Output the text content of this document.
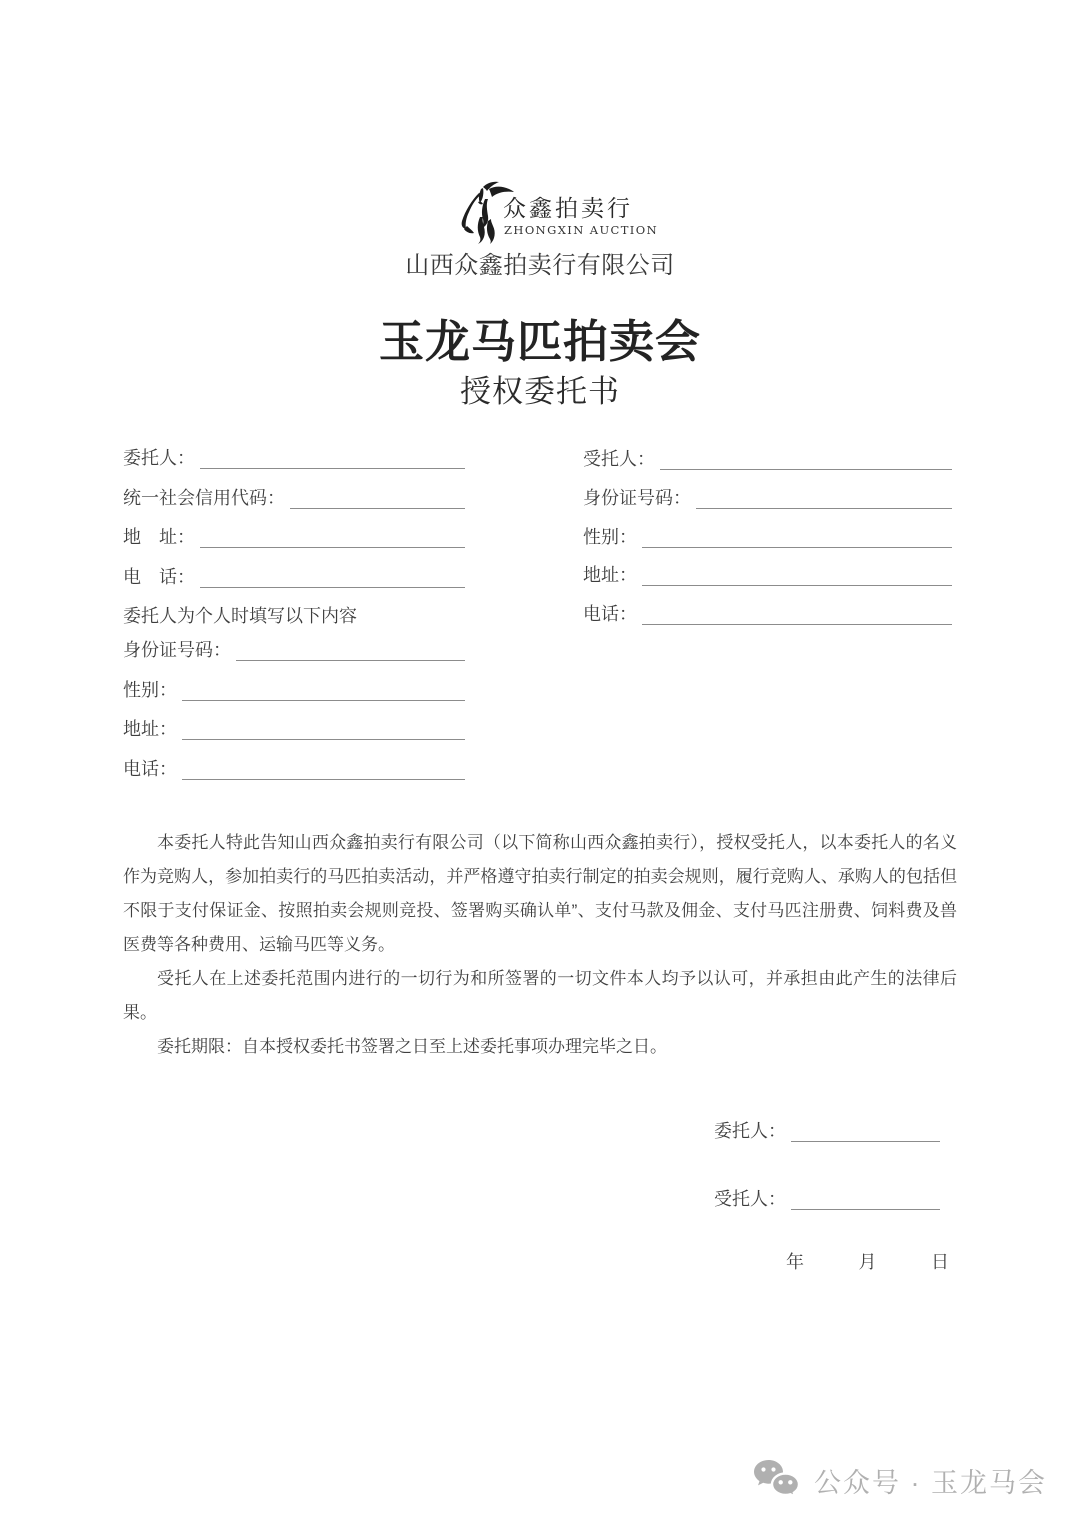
众鑫拍卖行
ZHONGXIN AUCTION
山西众鑫拍卖行有限公司
玉龙马匹拍卖会
授权委托书
委托人：
统一社会信用代码：
地　址：
电　话：
委托人为个人时填写以下内容
身份证号码：
性别：
地址：
电话：
受托人：
身份证号码：
性别：
地址：
电话：

本委托人特此告知山西众鑫拍卖行有限公司（以下简称山西众鑫拍卖行），授权受托人，以本委托人的名义作为竞购人，参加拍卖行的马匹拍卖活动，并严格遵守拍卖行制定的拍卖会规则，履行竞购人、承购人的包括但不限于支付保证金、按照拍卖会规则竞投、签署购买确认单”、支付马款及佣金、支付马匹注册费、饲料费及兽医费等各种费用、运输马匹等义务。

受托人在上述委托范围内进行的一切行为和所签署的一切文件本人均予以认可，并承担由此产生的法律后果。

委托期限：自本授权委托书签署之日至上述委托事项办理完毕之日。

委托人：
受托人：
年	月	日
公众号 · 玉龙马会
